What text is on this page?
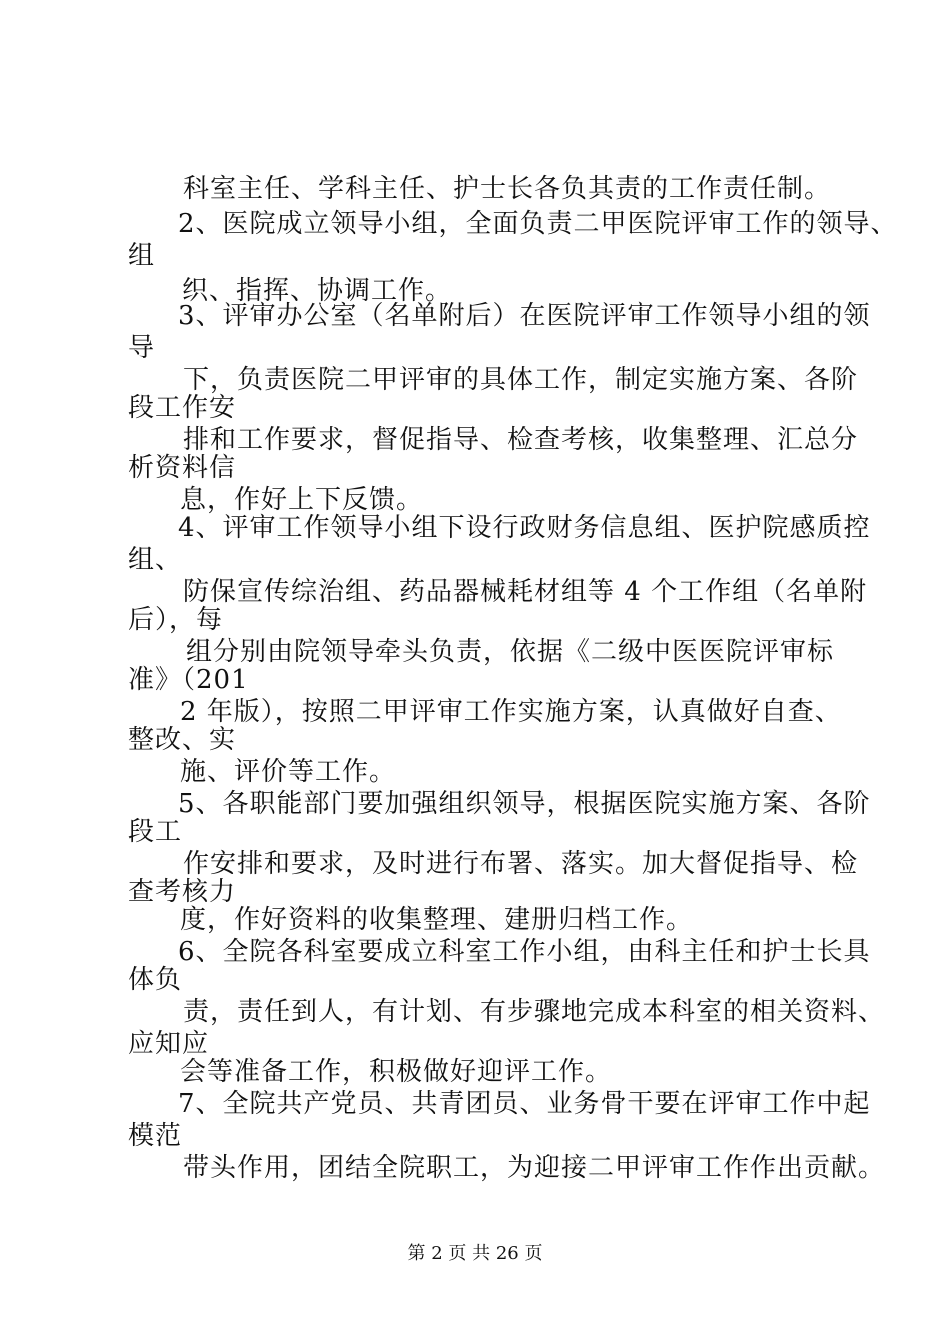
科室主任、学科主任、护士长各负其责的工作责任制。
2、医院成立领导小组，全面负责二甲医院评审工作的领导、
组
织、指挥、协调工作。
3、评审办公室（名单附后）在医院评审工作领导小组的领
导
下，负责医院二甲评审的具体工作，制定实施方案、各阶
段工作安
排和工作要求，督促指导、检查考核，收集整理、汇总分
析资料信
息，作好上下反馈。
4、评审工作领导小组下设行政财务信息组、医护院感质控
组、
防保宣传综治组、药品器械耗材组等 4 个工作组（名单附
后），每
组分别由院领导牵头负责，依据《二级中医医院评审标
准》（201
2 年版），按照二甲评审工作实施方案，认真做好自查、
整改、实
施、评价等工作。
5、各职能部门要加强组织领导，根据医院实施方案、各阶
段工
作安排和要求，及时进行布署、落实。加大督促指导、检
查考核力
度，作好资料的收集整理、建册归档工作。
6、全院各科室要成立科室工作小组，由科主任和护士长具
体负
责，责任到人，有计划、有步骤地完成本科室的相关资料、
应知应
会等准备工作，积极做好迎评工作。
7、全院共产党员、共青团员、业务骨干要在评审工作中起
模范
带头作用，团结全院职工，为迎接二甲评审工作作出贡献。
第 2 页 共 26 页
